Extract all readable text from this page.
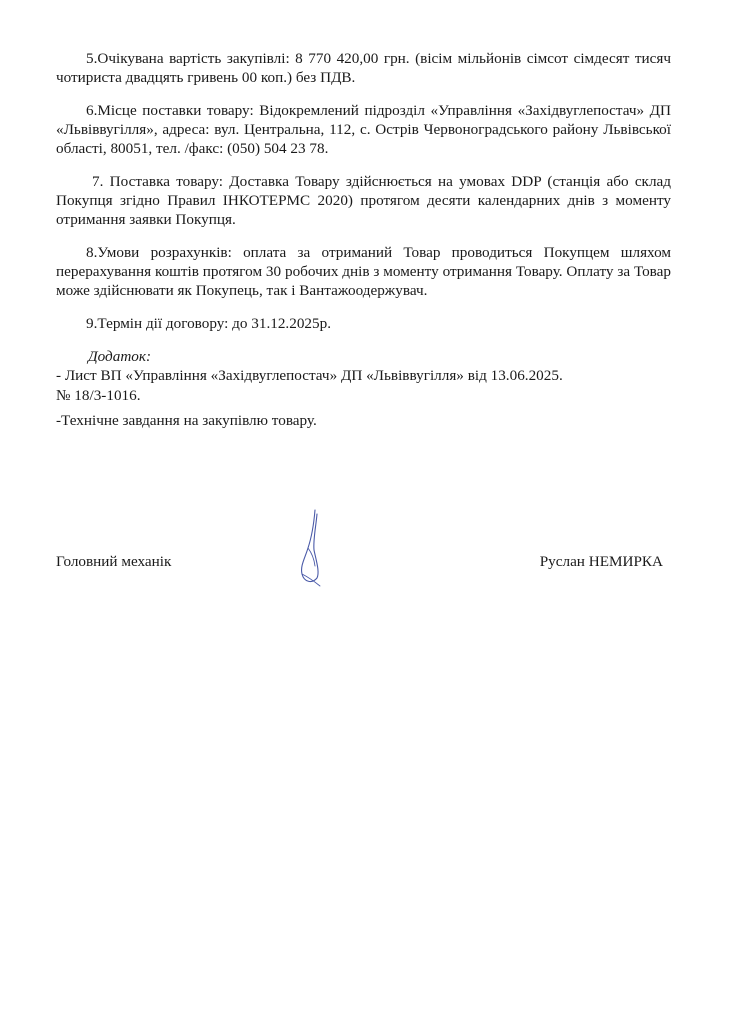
5.Очікувана вартість закупівлі: 8 770 420,00 грн. (вісім мільйонів сімсот сімдесят тисяч чотириста двадцять гривень 00 коп.) без ПДВ.

6.Місце поставки товару: Відокремлений підрозділ «Управління «Західвуглепостач» ДП «Львіввугілля», адреса: вул. Центральна, 112, с. Острів Червоноградського району Львівської області, 80051, тел. /факс: (050) 504 23 78.

7. Поставка товару: Доставка Товару здійснюється на умовах DDP (станція або склад Покупця згідно Правил ІНКОТЕРМС 2020) протягом десяти календарних днів з моменту отримання заявки Покупця.

8.Умови розрахунків: оплата за отриманий Товар проводиться Покупцем шляхом перерахування коштів протягом 30 робочих днів з моменту отримання Товару. Оплату за Товар може здійснювати як Покупець, так і Вантажоодержувач.

9.Термін дії договору: до 31.12.2025р.

Додаток:
- Лист ВП «Управління «Західвуглепостач» ДП «Львіввугілля» від 13.06.2025.
№ 18/3-1016.
-Технічне завдання на закупівлю товару.
Головний механік	Руслан НЕМИРКА
